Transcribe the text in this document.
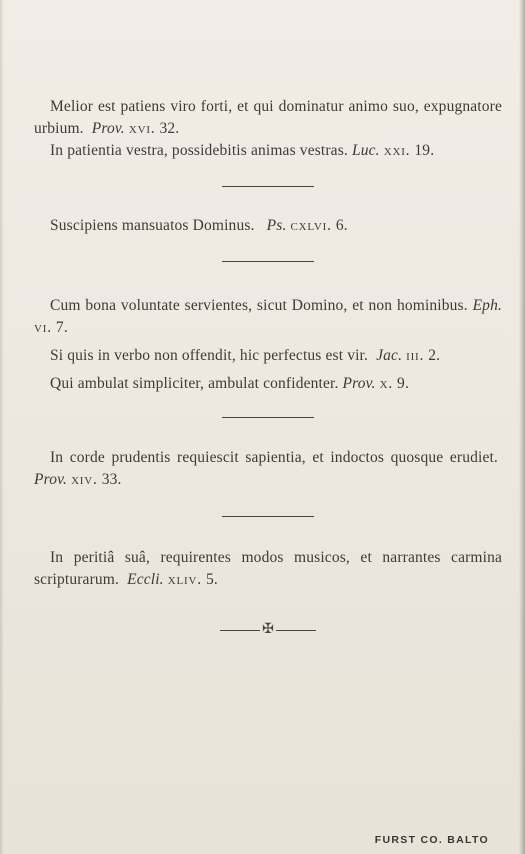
Melior est patiens viro forti, et qui dominatur animo suo, expugnatore urbium. Prov. xvi. 32.

In patientia vestra, possidebitis animas vestras. Luc. xxi. 19.

Suscipiens mansuatos Dominus. Ps. cxlvi. 6.

Cum bona voluntate servientes, sicut Domino, et non hominibus. Eph. vi. 7.

Si quis in verbo non offendit, hic perfectus est vir. Jac. iii. 2.

Qui ambulat simpliciter, ambulat confidenter. Prov. x. 9.

In corde prudentis requiescit sapientia, et indoctos quosque erudiet.  Prov. xiv. 33.

In peritiâ suâ, requirentes modos musicos, et narrantes carmina scripturarum. Eccli. xliv. 5.

✠
FURST CO. BALTO
